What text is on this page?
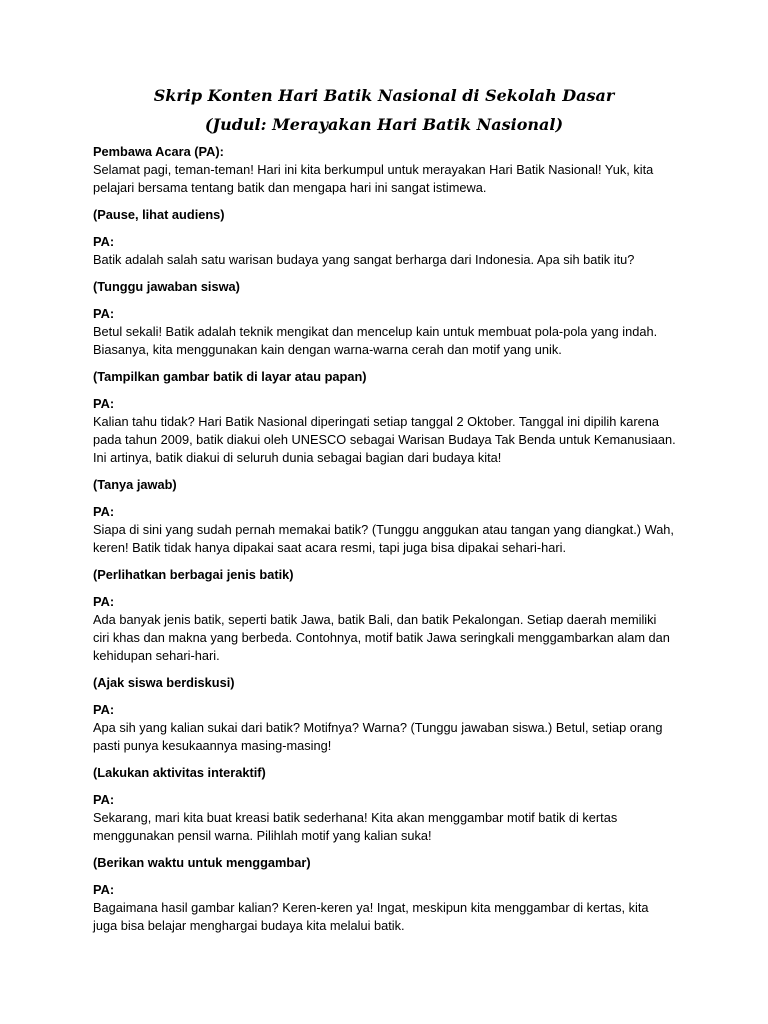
Skrip Konten Hari Batik Nasional di Sekolah Dasar
(Judul: Merayakan Hari Batik Nasional)
Pembawa Acara (PA):
Selamat pagi, teman-teman! Hari ini kita berkumpul untuk merayakan Hari Batik Nasional! Yuk, kita
pelajari bersama tentang batik dan mengapa hari ini sangat istimewa.
(Pause, lihat audiens)
PA:
Batik adalah salah satu warisan budaya yang sangat berharga dari Indonesia. Apa sih batik itu?
(Tunggu jawaban siswa)
PA:
Betul sekali! Batik adalah teknik mengikat dan mencelup kain untuk membuat pola-pola yang indah.
Biasanya, kita menggunakan kain dengan warna-warna cerah dan motif yang unik.
(Tampilkan gambar batik di layar atau papan)
PA:
Kalian tahu tidak? Hari Batik Nasional diperingati setiap tanggal 2 Oktober. Tanggal ini dipilih karena
pada tahun 2009, batik diakui oleh UNESCO sebagai Warisan Budaya Tak Benda untuk Kemanusiaan.
Ini artinya, batik diakui di seluruh dunia sebagai bagian dari budaya kita!
(Tanya jawab)
PA:
Siapa di sini yang sudah pernah memakai batik? (Tunggu anggukan atau tangan yang diangkat.) Wah,
keren! Batik tidak hanya dipakai saat acara resmi, tapi juga bisa dipakai sehari-hari.
(Perlihatkan berbagai jenis batik)
PA:
Ada banyak jenis batik, seperti batik Jawa, batik Bali, dan batik Pekalongan. Setiap daerah memiliki
ciri khas dan makna yang berbeda. Contohnya, motif batik Jawa seringkali menggambarkan alam dan
kehidupan sehari-hari.
(Ajak siswa berdiskusi)
PA:
Apa sih yang kalian sukai dari batik? Motifnya? Warna? (Tunggu jawaban siswa.) Betul, setiap orang
pasti punya kesukaannya masing-masing!
(Lakukan aktivitas interaktif)
PA:
Sekarang, mari kita buat kreasi batik sederhana! Kita akan menggambar motif batik di kertas
menggunakan pensil warna. Pilihlah motif yang kalian suka!
(Berikan waktu untuk menggambar)
PA:
Bagaimana hasil gambar kalian? Keren-keren ya! Ingat, meskipun kita menggambar di kertas, kita
juga bisa belajar menghargai budaya kita melalui batik.
